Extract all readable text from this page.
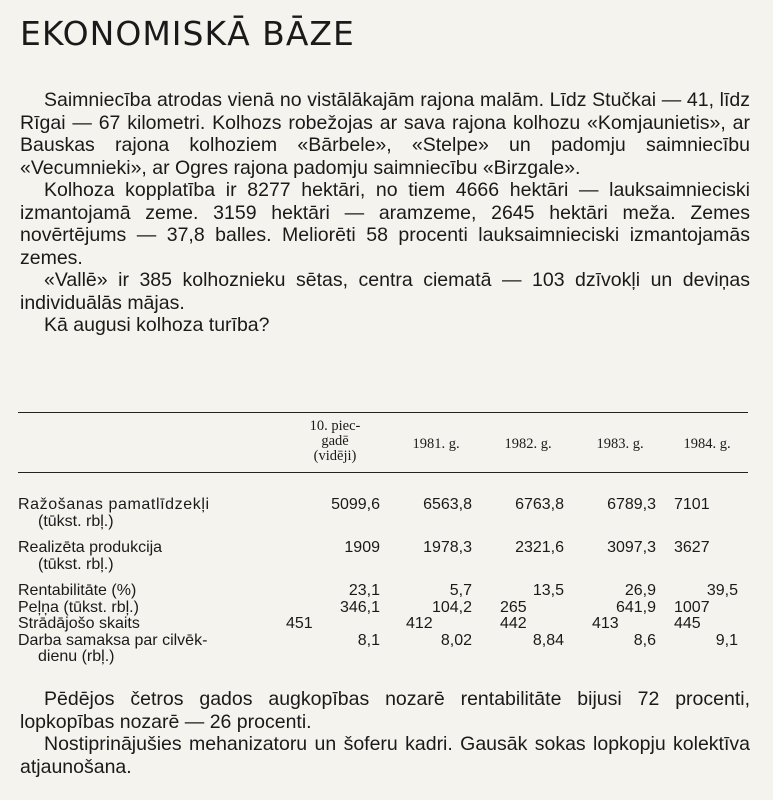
EKONOMISKĀ BĀZE

Saimniecība atrodas vienā no vistālākajām rajona malām. Līdz Stučkai — 41, līdz Rīgai — 67 kilometri. Kolhozs robežojas ar sava rajona kolhozu «Komjaunietis», ar Bauskas rajona kolhoziem «Bārbele», «Stelpe» un padomju saimniecību «Vecumnieki», ar Ogres rajona padomju saimniecību «Birzgale».

Kolhoza kopplatība ir 8277 hektāri, no tiem 4666 hektāri — lauksaimnieciski izmantojamā zeme. 3159 hektāri — aramzeme, 2645 hektāri meža. Zemes novērtējums — 37,8 balles. Meliorēti 58 procenti lauksaimnieciski izmantojamās zemes.

«Vallē» ir 385 kolhoznieku sētas, centra ciematā — 103 dzīvokļi un deviņas individuālās mājas.

Kā augusi kolhoza turība?

	10. piec-
gadē
(vidēji)	1981. g.	1982. g.	1983. g.	1984. g.

Ražošanas pamatlīdzekļi
(tūkst. rbļ.)	5099,6	6563,8	6763,8	6789,3	7101

Realizēta produkcija
(tūkst. rbļ.)	1909	1978,3	2321,6	3097,3	3627

Rentabilitāte (%)	23,1	5,7	13,5	26,9	39,5

Peļņa (tūkst. rbļ.)	346,1	104,2	265	641,9	1007

Strādājošo skaits	451	412	442	413	445

Darba samaksa par cilvēk-
dienu (rbļ.)	8,1	8,02	8,84	8,6	9,1

Pēdējos četros gados augkopības nozarē rentabilitāte bijusi 72 procenti, lopkopības nozarē — 26 procenti.

Nostiprinājušies mehanizatoru un šoferu kadri. Gausāk sokas lopkopju kolektīva atjaunošana.
